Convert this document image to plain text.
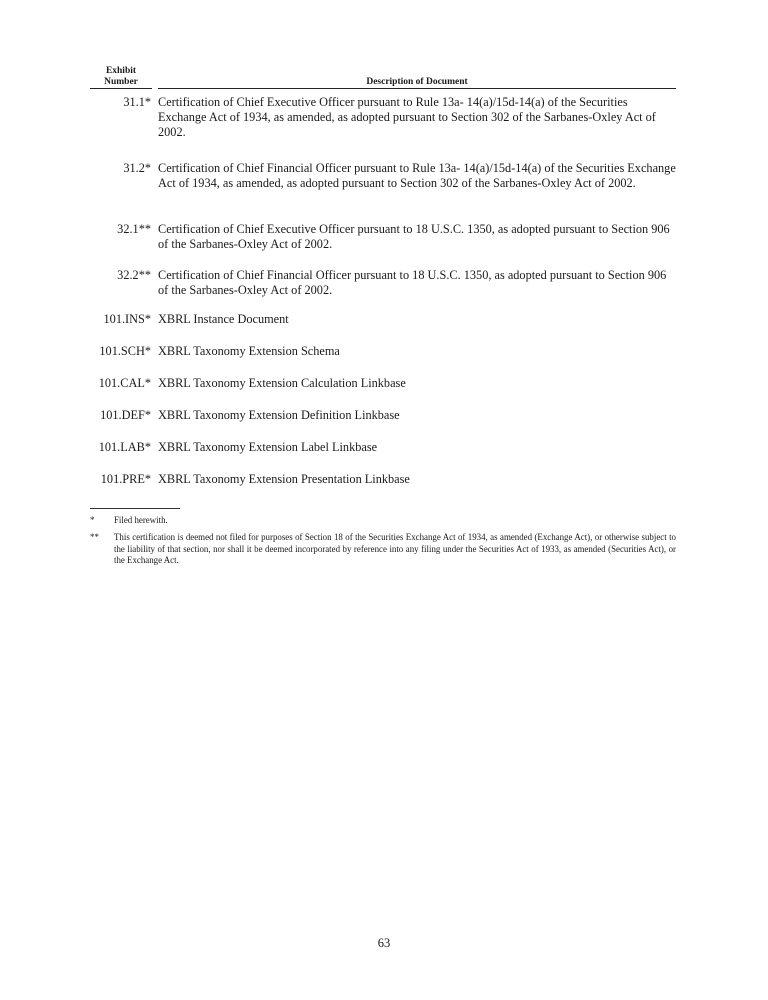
Exhibit
Number	Description of Document
31.1* Certification of Chief Executive Officer pursuant to Rule 13a- 14(a)/15d-14(a) of the Securities Exchange Act of 1934, as amended, as adopted pursuant to Section 302 of the Sarbanes-Oxley Act of 2002.
31.2* Certification of Chief Financial Officer pursuant to Rule 13a- 14(a)/15d-14(a) of the Securities Exchange Act of 1934, as amended, as adopted pursuant to Section 302 of the Sarbanes-Oxley Act of 2002.
32.1** Certification of Chief Executive Officer pursuant to 18 U.S.C. 1350, as adopted pursuant to Section 906 of the Sarbanes-Oxley Act of 2002.
32.2** Certification of Chief Financial Officer pursuant to 18 U.S.C. 1350, as adopted pursuant to Section 906 of the Sarbanes-Oxley Act of 2002.
101.INS* XBRL Instance Document
101.SCH* XBRL Taxonomy Extension Schema
101.CAL* XBRL Taxonomy Extension Calculation Linkbase
101.DEF* XBRL Taxonomy Extension Definition Linkbase
101.LAB* XBRL Taxonomy Extension Label Linkbase
101.PRE* XBRL Taxonomy Extension Presentation Linkbase
* Filed herewith.
** This certification is deemed not filed for purposes of Section 18 of the Securities Exchange Act of 1934, as amended (Exchange Act), or otherwise subject to the liability of that section, nor shall it be deemed incorporated by reference into any filing under the Securities Act of 1933, as amended (Securities Act), or the Exchange Act.
63
